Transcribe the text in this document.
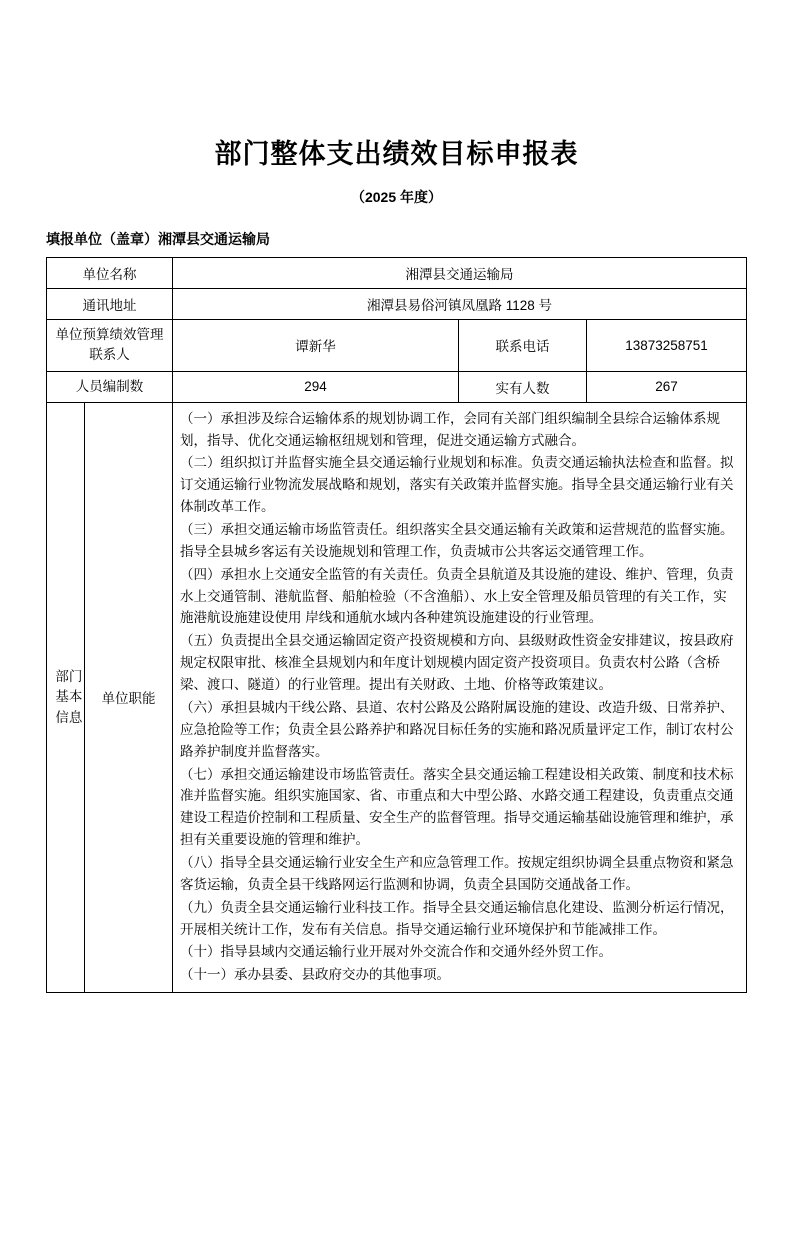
部门整体支出绩效目标申报表
（2025 年度）
填报单位（盖章）湘潭县交通运输局
单位名称		湘潭县交通运输局		
通讯地址		湘潭县易俗河镇凤凰路 1128 号		
单位预算绩效管理联系人		谭新华	联系电话	13873258751
人员编制数		294	实有人数	267
部门基本信息	单位职能	

（一）承担涉及综合运输体系的规划协调工作，会同有关部门组织编制全县综合运输体系规划，指导、优化交通运输枢纽规划和管理，促进交通运输方式融合。

（二）组织拟订并监督实施全县交通运输行业规划和标准。负责交通运输执法检查和监督。拟订交通运输行业物流发展战略和规划，落实有关政策并监督实施。指导全县交通运输行业有关体制改革工作。

（三）承担交通运输市场监管责任。组织落实全县交通运输有关政策和运营规范的监督实施。指导全县城乡客运有关设施规划和管理工作，负责城市公共客运交通管理工作。

（四）承担水上交通安全监管的有关责任。负责全县航道及其设施的建设、维护、管理，负责水上交通管制、港航监督、船舶检验（不含渔船）、水上安全管理及船员管理的有关工作，实施港航设施建设使用 岸线和通航水域内各种建筑设施建设的行业管理。

（五）负责提出全县交通运输固定资产投资规模和方向、县级财政性资金安排建议，按县政府规定权限审批、核准全县规划内和年度计划规模内固定资产投资项目。负责农村公路（含桥梁、渡口、隧道）的行业管理。提出有关财政、土地、价格等政策建议。

（六）承担县城内干线公路、县道、农村公路及公路附属设施的建设、改造升级、日常养护、应急抢险等工作；负责全县公路养护和路况目标任务的实施和路况质量评定工作，制订农村公路养护制度并监督落实。

（七）承担交通运输建设市场监管责任。落实全县交通运输工程建设相关政策、制度和技术标准并监督实施。组织实施国家、省、市重点和大中型公路、水路交通工程建设，负责重点交通建设工程造价控制和工程质量、安全生产的监督管理。指导交通运输基础设施管理和维护，承担有关重要设施的管理和维护。

（八）指导全县交通运输行业安全生产和应急管理工作。按规定组织协调全县重点物资和紧急客货运输，负责全县干线路网运行监测和协调，负责全县国防交通战备工作。

（九）负责全县交通运输行业科技工作。指导全县交通运输信息化建设、监测分析运行情况，开展相关统计工作，发布有关信息。指导交通运输行业环境保护和节能减排工作。

（十）指导县域内交通运输行业开展对外交流合作和交通外经外贸工作。

（十一）承办县委、县政府交办的其他事项。
